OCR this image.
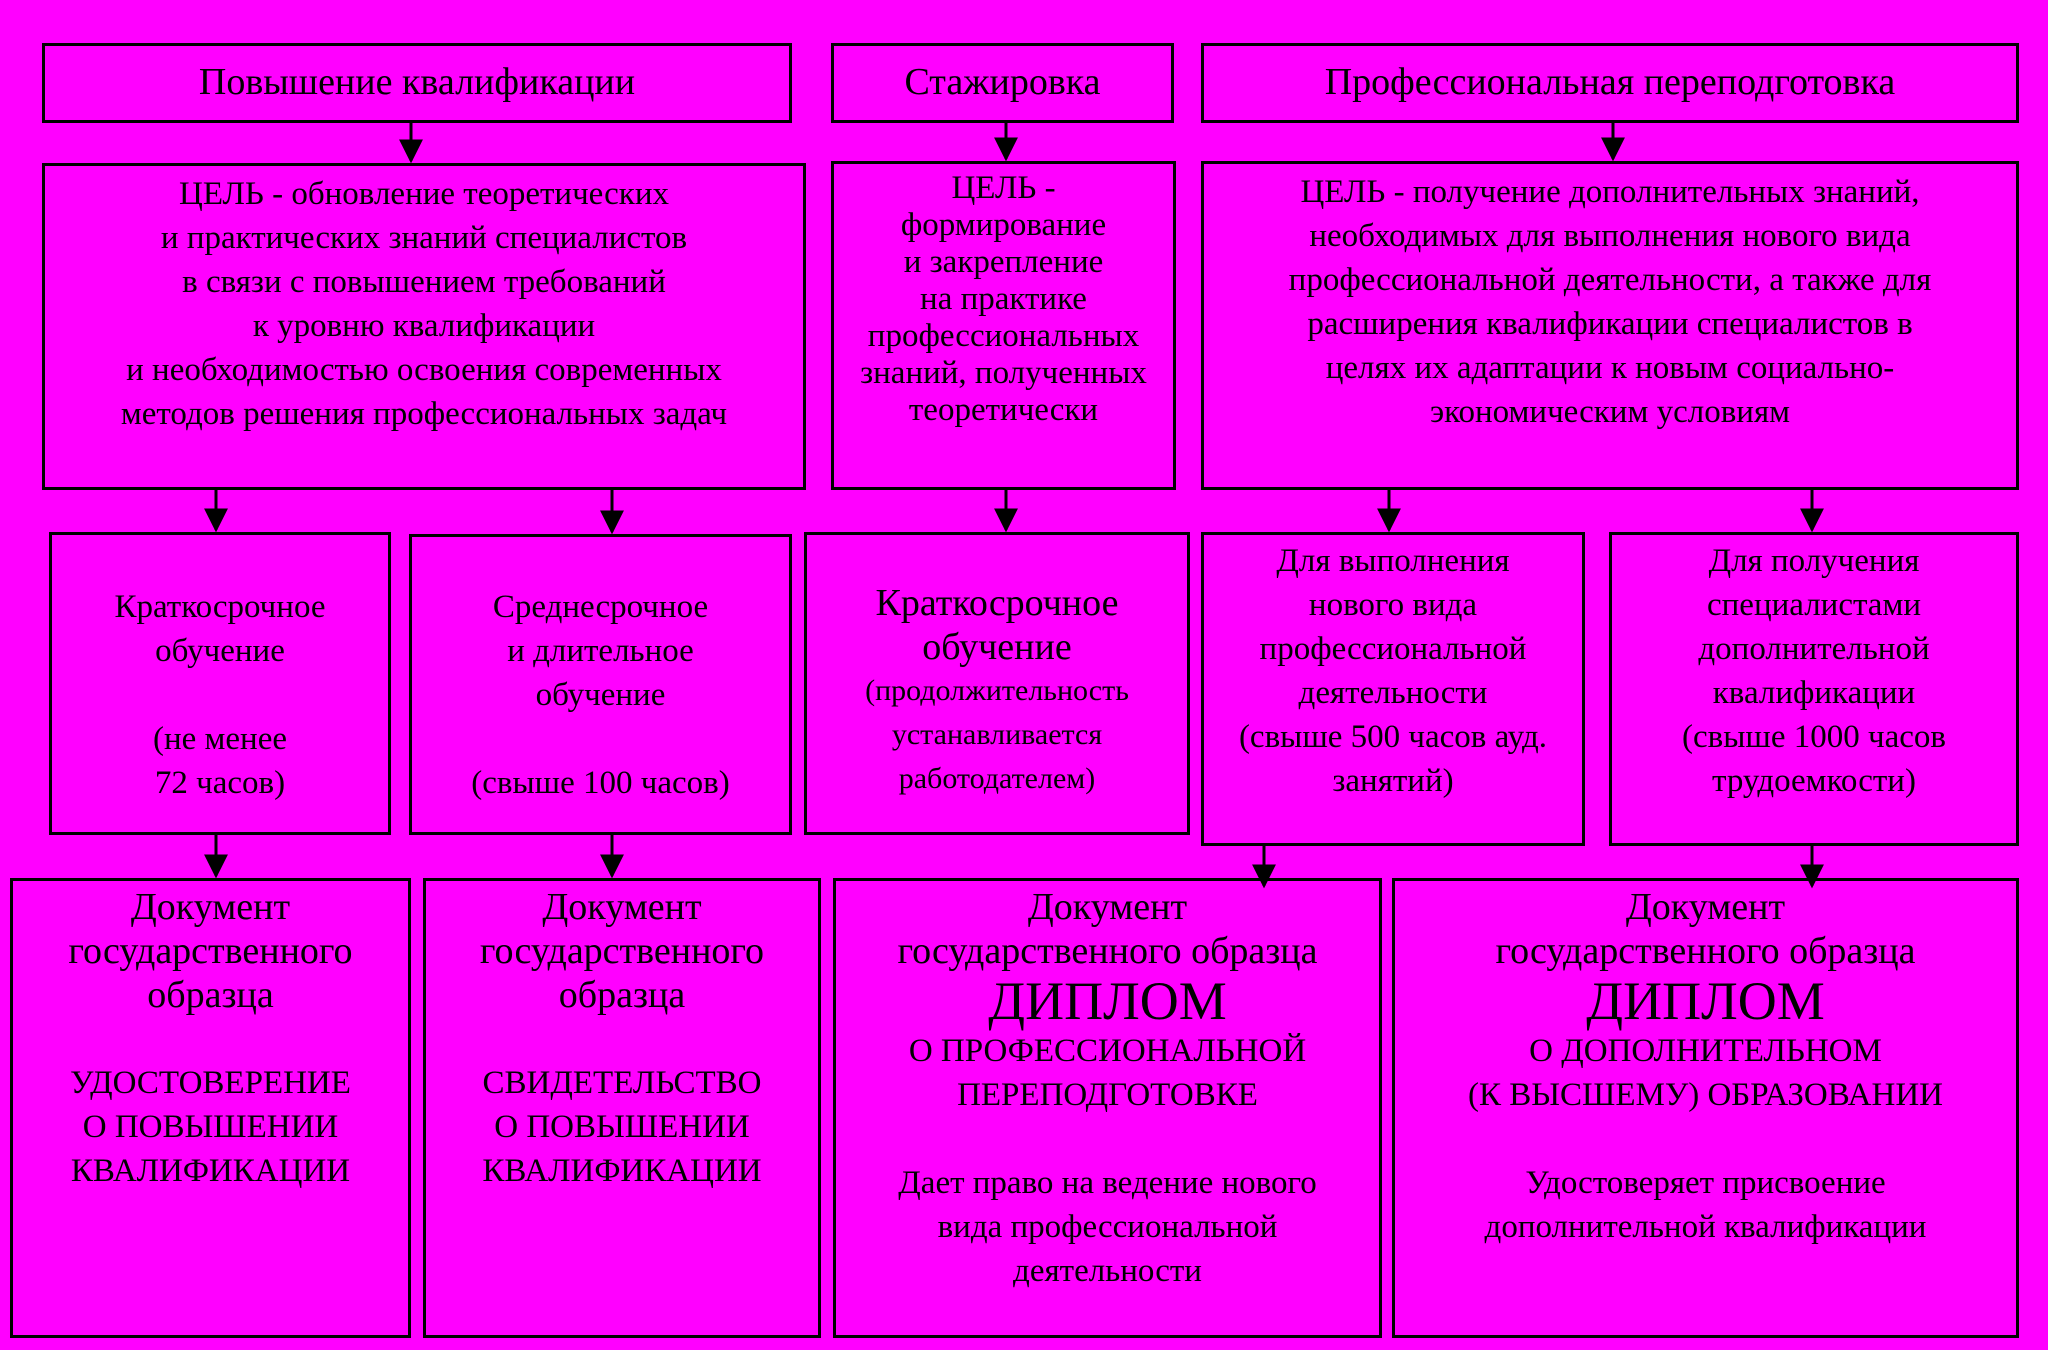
Повышение квалификации	Стажировка	Профессиональная переподготовка
ЦЕЛЬ - обновление теоретических
и практических знаний специалистов
в связи с повышением требований
к уровню квалификации
и необходимостью освоения современных
методов решения профессиональных задач
ЦЕЛЬ -
формирование
и закрепление
на практике
профессиональных
знаний, полученных
теоретически
ЦЕЛЬ - получение дополнительных знаний,
необходимых для выполнения нового вида
профессиональной деятельности, а также для
расширения квалификации специалистов в
целях их адаптации к новым социально-
экономическим условиям
Краткосрочное
обучение
(не менее
72 часов)
Среднесрочное
и длительное
обучение
(свыше 100 часов)
Краткосрочное
обучение
(продолжительность
устанавливается
работодателем)
Для выполнения
нового вида
профессиональной
деятельности
(свыше 500 часов ауд.
занятий)
Для получения
специалистами
дополнительной
квалификации
(свыше 1000 часов
трудоемкости)
Документ
государственного
образца
УДОСТОВЕРЕНИЕ
О ПОВЫШЕНИИ
КВАЛИФИКАЦИИ
Документ
государственного
образца
СВИДЕТЕЛЬСТВО
О ПОВЫШЕНИИ
КВАЛИФИКАЦИИ
Документ
государственного образца
ДИПЛОМ
О ПРОФЕССИОНАЛЬНОЙ
ПЕРЕПОДГОТОВКЕ
Дает право на ведение нового
вида профессиональной
деятельности
Документ
государственного образца
ДИПЛОМ
О ДОПОЛНИТЕЛЬНОМ
(К ВЫСШЕМУ) ОБРАЗОВАНИИ
Удостоверяет присвоение
дополнительной квалификации
